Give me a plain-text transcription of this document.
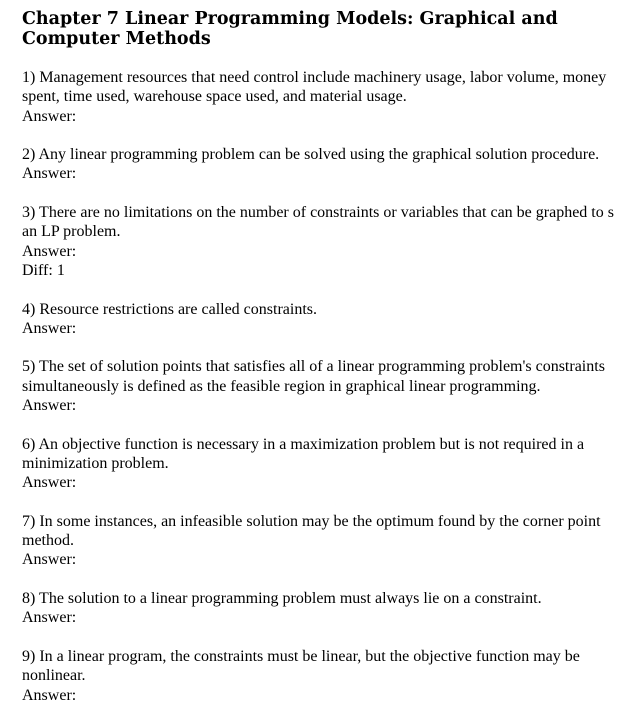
Chapter 7 Linear Programming Models: Graphical and Computer Methods
1) Management resources that need control include machinery usage, labor volume, money spent, time used, warehouse space used, and material usage.
Answer:
2) Any linear programming problem can be solved using the graphical solution procedure.
Answer:
3) There are no limitations on the number of constraints or variables that can be graphed to s
an LP problem.
Answer:
Diff: 1
4) Resource restrictions are called constraints.
Answer:
5) The set of solution points that satisfies all of a linear programming problem's constraints simultaneously is defined as the feasible region in graphical linear programming.
Answer:
6) An objective function is necessary in a maximization problem but is not required in a minimization problem.
Answer:
7) In some instances, an infeasible solution may be the optimum found by the corner point method.
Answer:
8) The solution to a linear programming problem must always lie on a constraint.
Answer:
9) In a linear program, the constraints must be linear, but the objective function may be nonlinear.
Answer:
